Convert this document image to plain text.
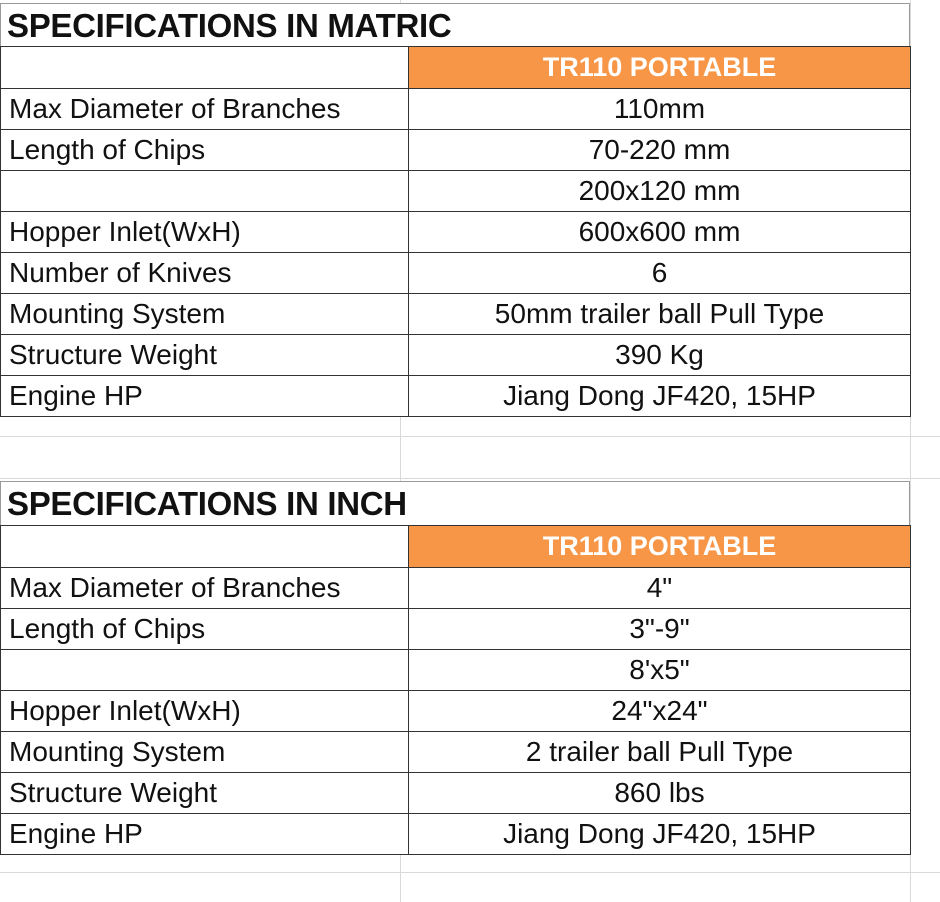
SPECIFICATIONS IN MATRIC
	TR110 PORTABLE
Max Diameter of Branches	110mm
Length of Chips	70-220 mm
	200x120 mm
Hopper Inlet(WxH)	600x600 mm
Number of Knives	6
Mounting System	50mm trailer ball Pull Type
Structure Weight	390 Kg
Engine HP	Jiang Dong JF420, 15HP
SPECIFICATIONS IN INCH
	TR110 PORTABLE
Max Diameter of Branches	4"
Length of Chips	3"-9"
	8'x5"
Hopper Inlet(WxH)	24"x24"
Mounting System	2 trailer ball Pull Type
Structure Weight	860 lbs
Engine HP	Jiang Dong JF420, 15HP
